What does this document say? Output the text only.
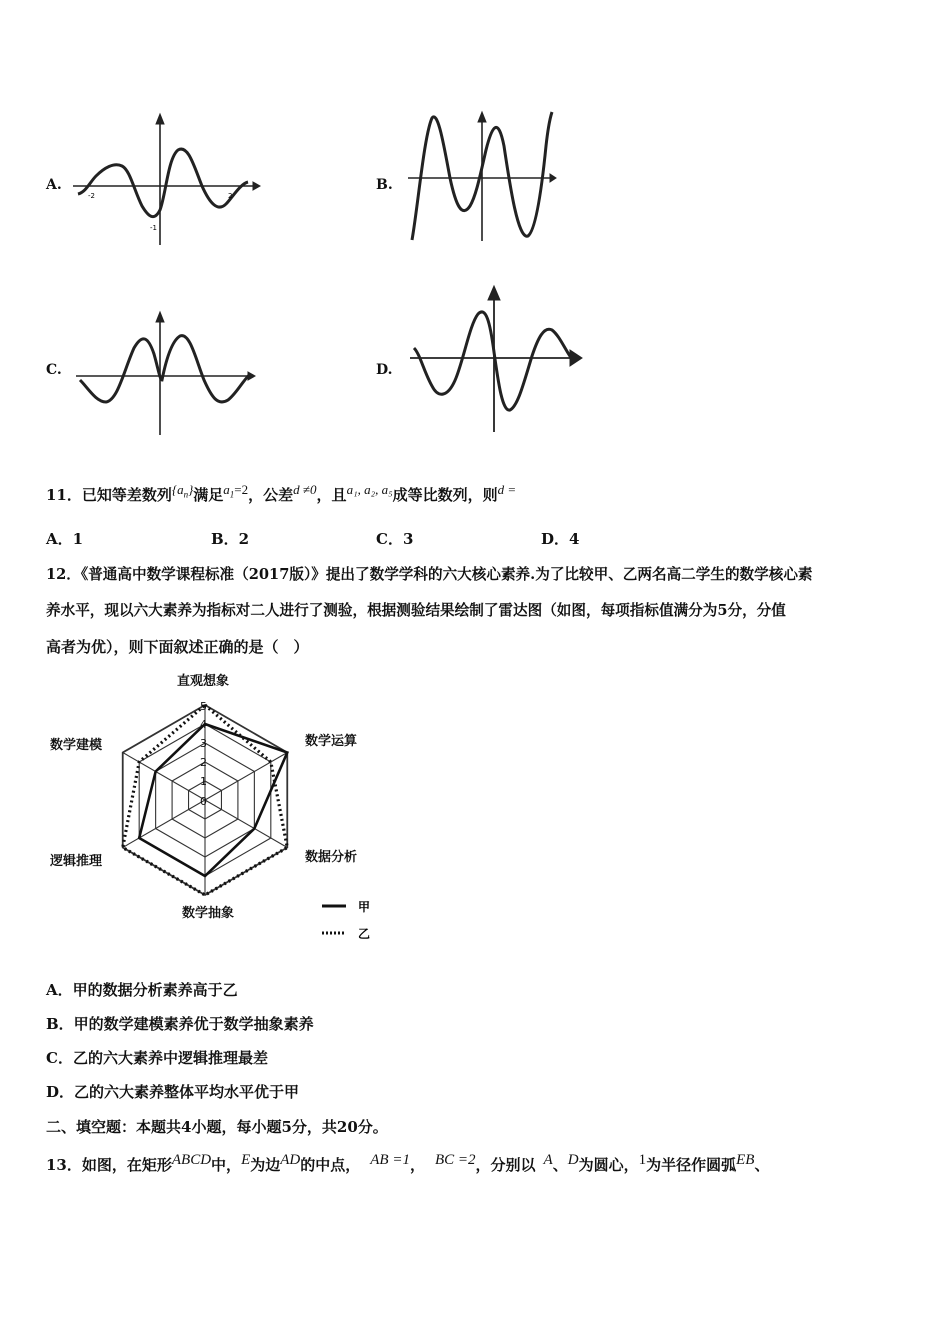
A.
-2	2
-1
B.
C.	D.
11．已知等差数列$^{\{a_n\}}$满足$^{a_1=2}$，公差$^{d \ne 0}$，且$^{a_1, a_2, a_5}$成等比数列，则$^{d =}$
A．1	B．2	C．3	D．4
12．《普通高中数学课程标准（2017版）》提出了数学学科的六大核心素养.为了比较甲、乙两名高二学生的数学核心素
养水平，现以六大素养为指标对二人进行了测验，根据测验结果绘制了雷达图（如图，每项指标值满分为5分，分值
高者为优），则下面叙述正确的是（　）
直观想象
数学运算
数据分析
数学抽象
逻辑推理
数学建模
5
4
3
2
1
0
甲
乙
A．甲的数据分析素养高于乙
B．甲的数学建模素养优于数学抽象素养
C．乙的六大素养中逻辑推理最差
D．乙的六大素养整体平均水平优于甲
二、填空题：本题共4小题，每小题5分，共20分。
13．如图，在矩形$^{ABCD}$中，$^E$为边$^{AD}$的中点， $^{AB =1}$， $^{BC =2}$，分别以 $^A$、$^D$为圆心，$^1$为半径作圆弧$^{EB}$、
